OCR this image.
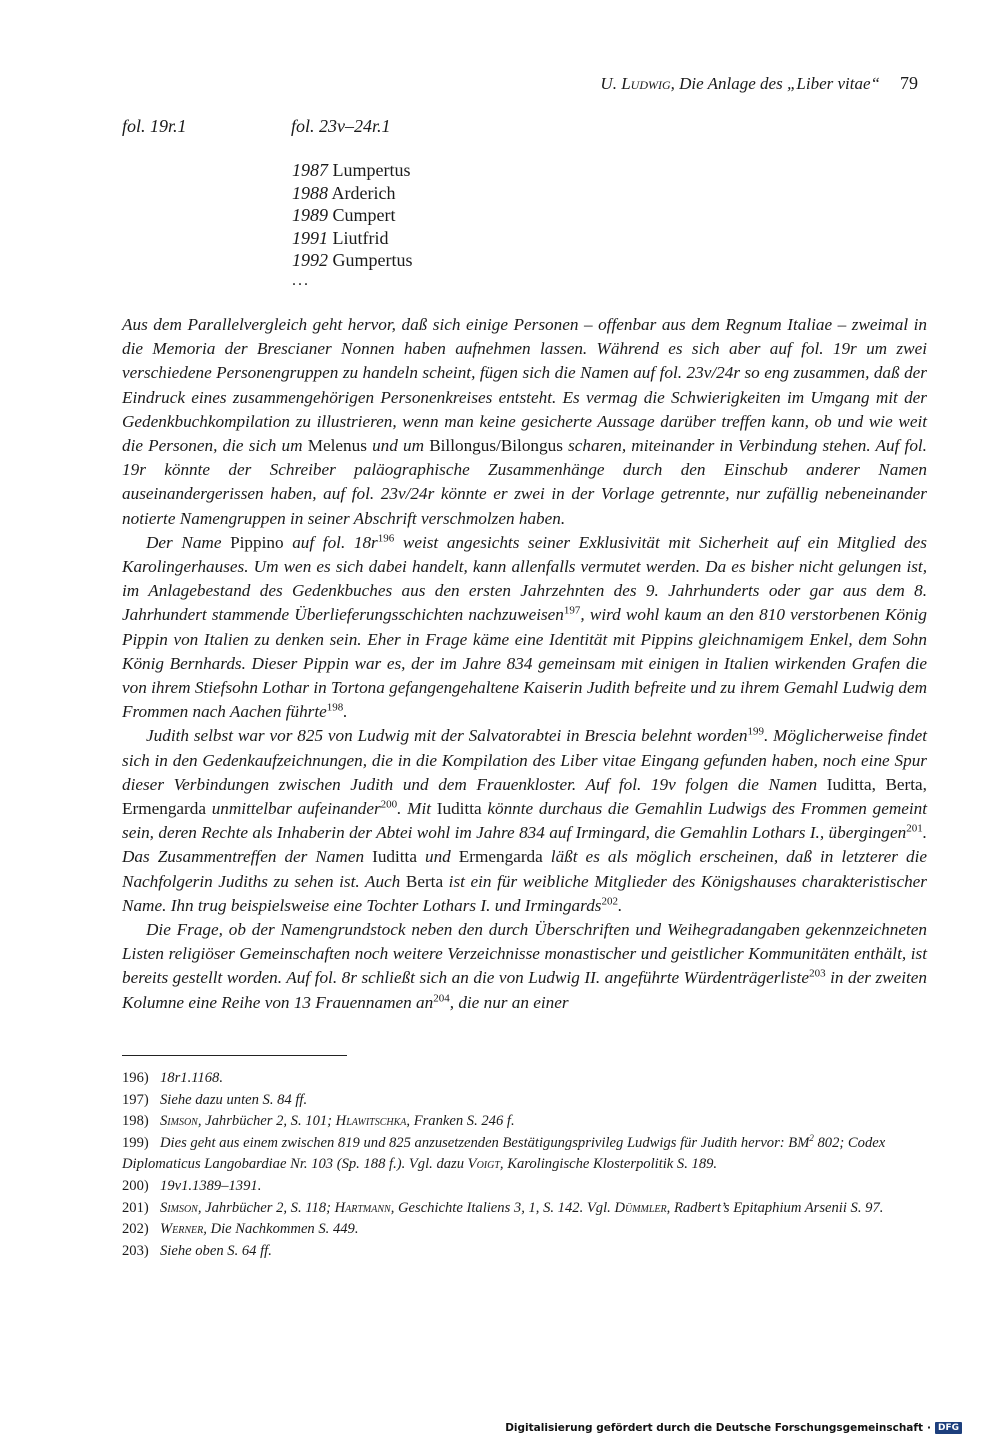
U. Ludwig, Die Anlage des „Liber vitae“ 79
fol. 19r.1	fol. 23v–24r.1
1987 Lumpertus
1988 Arderich
1989 Cumpert
1991 Liutfrid
1992 Gumpertus
...

Aus dem Parallelvergleich geht hervor, daß sich einige Personen – offenbar aus dem Regnum Italiae – zweimal in die Memoria der Brescianer Nonnen haben aufnehmen lassen. Während es sich aber auf fol. 19r um zwei verschiedene Personengruppen zu handeln scheint, fügen sich die Namen auf fol. 23v/24r so eng zusammen, daß der Eindruck eines zusammengehörigen Personenkreises entsteht. Es vermag die Schwierigkeiten im Umgang mit der Gedenkbuchkompilation zu illustrieren, wenn man keine gesicherte Aussage darüber treffen kann, ob und wie weit die Personen, die sich um Melenus und um Billongus/Bilongus scharen, miteinander in Verbindung stehen. Auf fol. 19r könnte der Schreiber paläographische Zusammenhänge durch den Einschub anderer Namen auseinandergerissen haben, auf fol. 23v/24r könnte er zwei in der Vorlage getrennte, nur zufällig nebeneinander notierte Namengruppen in seiner Abschrift verschmolzen haben.

Der Name Pippino auf fol. $18r^{196}$ weist angesichts seiner Exklusivität mit Sicherheit auf ein Mitglied des Karolingerhauses. Um wen es sich dabei handelt, kann allenfalls vermutet werden. Da es bisher nicht gelungen ist, im Anlagebestand des Gedenkbuches aus den ersten Jahrzehnten des 9. Jahrhunderts oder gar aus dem 8. Jahrhundert stammende Überlieferungsschichten nachzuweisen$^{197}$, wird wohl kaum an den 810 verstorbenen König Pippin von Italien zu denken sein. Eher in Frage käme eine Identität mit Pippins gleichnamigem Enkel, dem Sohn König Bernhards. Dieser Pippin war es, der im Jahre 834 gemeinsam mit einigen in Italien wirkenden Grafen die von ihrem Stiefsohn Lothar in Tortona gefangengehaltene Kaiserin Judith befreite und zu ihrem Gemahl Ludwig dem Frommen nach Aachen führte$^{198}$.

Judith selbst war vor 825 von Ludwig mit der Salvatorabtei in Brescia belehnt worden$^{199}$. Möglicherweise findet sich in den Gedenkaufzeichnungen, die in die Kompilation des Liber vitae Eingang gefunden haben, noch eine Spur dieser Verbindungen zwischen Judith und dem Frauenkloster. Auf fol. 19v folgen die Namen Iuditta, Berta, Ermengarda unmittelbar aufeinander$^{200}$. Mit Iuditta könnte durchaus die Gemahlin Ludwigs des Frommen gemeint sein, deren Rechte als Inhaberin der Abtei wohl im Jahre 834 auf Irmingard, die Gemahlin Lothars I., übergingen$^{201}$. Das Zusammentreffen der Namen Iuditta und Ermengarda läßt es als möglich erscheinen, daß in letzterer die Nachfolgerin Judiths zu sehen ist. Auch Berta ist ein für weibliche Mitglieder des Königshauses charakteristischer Name. Ihn trug beispielsweise eine Tochter Lothars I. und Irmingards$^{202}$.

Die Frage, ob der Namengrundstock neben den durch Überschriften und Weihegradangaben gekennzeichneten Listen religiöser Gemeinschaften noch weitere Verzeichnisse monastischer und geistlicher Kommunitäten enthält, ist bereits gestellt worden. Auf fol. 8r schließt sich an die von Ludwig II. angeführte Würdenträgerliste$^{203}$ in der zweiten Kolumne eine Reihe von 13 Frauennamen $an^{204}$, die nur an einer

196) 18r1.1168.
197) Siehe dazu unten S. 84 ff.
198) Simson, Jahrbücher 2, S. 101; Hlawitschka, Franken S. 246 f.
199) Dies geht aus einem zwischen 819 und 825 anzusetzenden Bestätigungsprivileg Ludwigs für Judith hervor: $BM^2$ 802; Codex Diplomaticus Langobardiae Nr. 103 (Sp. 188 f.). Vgl. dazu Voigt, Karolingische Klosterpolitik S. 189.
200) 19v1.1389–1391.
201) Simson, Jahrbücher 2, S. 118; Hartmann, Geschichte Italiens 3, 1, S. 142. Vgl. Dümmler, Radbert’s Epitaphium Arsenii S. 97.
202) Werner, Die Nachkommen S. 449.
203) Siehe oben S. 64 ff.
Digitalisierung gefördert durch die Deutsche Forschungsgemeinschaft · DFG
